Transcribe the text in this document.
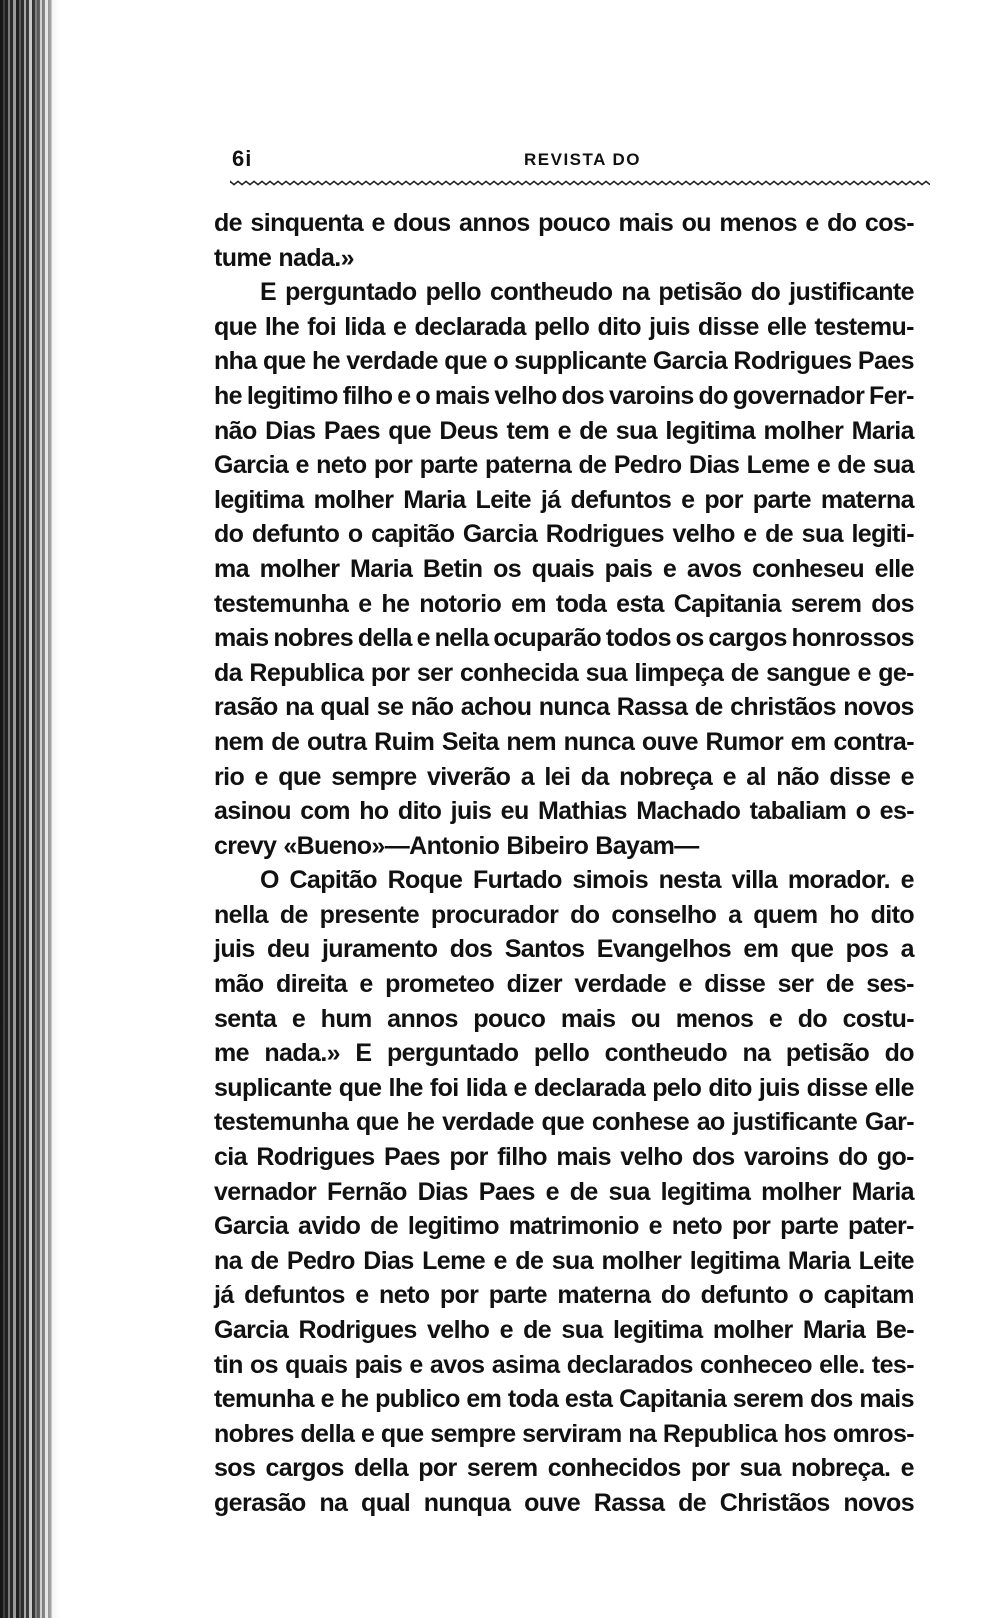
6i	REVISTA DO
de sinquenta e dous annos pouco mais ou menos e do cos-
tume nada.»
E perguntado pello contheudo na petisão do justificante
que lhe foi lida e declarada pello dito juis disse elle testemu-
nha que he verdade que o supplicante Garcia Rodrigues Paes
he legitimo filho e o mais velho dos varoins do governador Fer-
não Dias Paes que Deus tem e de sua legitima molher Maria
Garcia e neto por parte paterna de Pedro Dias Leme e de sua
legitima molher Maria Leite já defuntos e por parte materna
do defunto o capitão Garcia Rodrigues velho e de sua legiti-
ma molher Maria Betin os quais pais e avos conheseu elle
testemunha e he notorio em toda esta Capitania serem dos
mais nobres della e nella ocuparão todos os cargos honrossos
da Republica por ser conhecida sua limpeça de sangue e ge-
rasão na qual se não achou nunca Rassa de christãos novos
nem de outra Ruim Seita nem nunca ouve Rumor em contra-
rio e que sempre viverão a lei da nobreça e al não disse e
asinou com ho dito juis eu Mathias Machado tabaliam o es-
crevy «Bueno»—Antonio Bibeiro Bayam—
O Capitão Roque Furtado simois nesta villa morador. e
nella de presente procurador do conselho a quem ho dito
juis deu juramento dos Santos Evangelhos em que pos a
mão direita e prometeo dizer verdade e disse ser de ses-
senta e hum annos pouco mais ou menos e do costu-
me nada.» E perguntado pello contheudo na petisão do
suplicante que lhe foi lida e declarada pelo dito juis disse elle
testemunha que he verdade que conhese ao justificante Gar-
cia Rodrigues Paes por filho mais velho dos varoins do go-
vernador Fernão Dias Paes e de sua legitima molher Maria
Garcia avido de legitimo matrimonio e neto por parte pater-
na de Pedro Dias Leme e de sua molher legitima Maria Leite
já defuntos e neto por parte materna do defunto o capitam
Garcia Rodrigues velho e de sua legitima molher Maria Be-
tin os quais pais e avos asima declarados conheceo elle. tes-
temunha e he publico em toda esta Capitania serem dos mais
nobres della e que sempre serviram na Republica hos omros-
sos cargos della por serem conhecidos por sua nobreça. e
gerasão na qual nunqua ouve Rassa de Christãos novos
